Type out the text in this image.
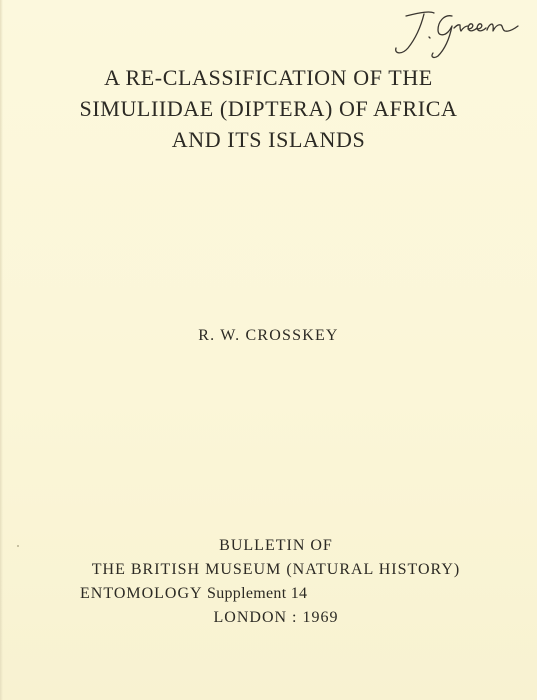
A RE-CLASSIFICATION OF THE
SIMULIIDAE (DIPTERA) OF AFRICA
AND ITS ISLANDS
R. W. CROSSKEY
BULLETIN OF
THE BRITISH MUSEUM (NATURAL HISTORY)
ENTOMOLOGY Supplement 14
LONDON : 1969
